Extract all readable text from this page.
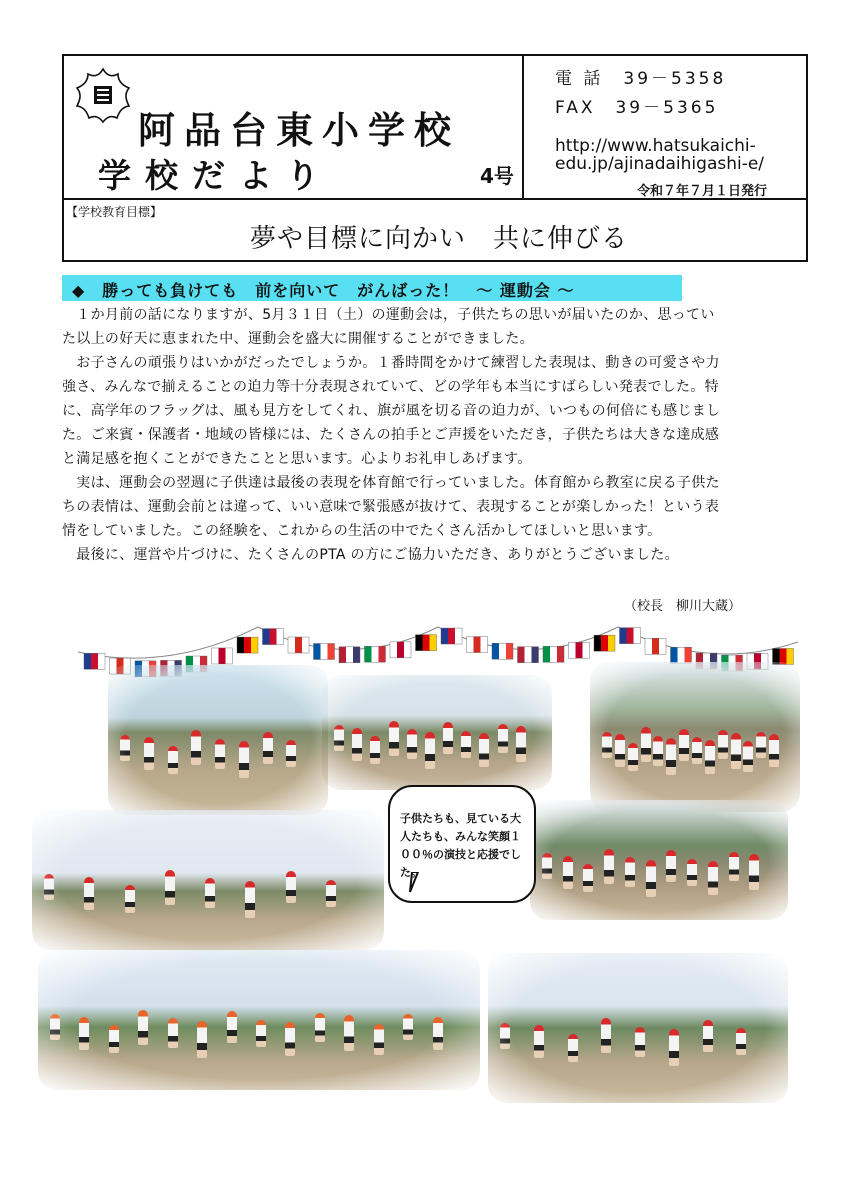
阿品台東小学校
学校だより	4号
電 話　39－5358
FAX　39－5365
http://www.hatsukaichi-edu.jp/ajinadaihigashi-e/
令和７年７月１日発行
【学校教育目標】
夢や目標に向かい　共に伸びる
◆　勝っても負けても　前を向いて　がんばった！　～ 運動会 ～
　１か月前の話になりますが、5月３１日（土）の運動会は，子供たちの思いが届いたのか、思ってい
た以上の好天に恵まれた中、運動会を盛大に開催することができました。
　お子さんの頑張りはいかがだったでしょうか。１番時間をかけて練習した表現は、動きの可愛さや力
強さ、みんなで揃えることの迫力等十分表現されていて、どの学年も本当にすばらしい発表でした。特
に、高学年のフラッグは、風も見方をしてくれ、旗が風を切る音の迫力が、いつもの何倍にも感じまし
た。ご来賓・保護者・地域の皆様には、たくさんの拍手とご声援をいただき，子供たちは大きな達成感
と満足感を抱くことができたことと思います。心よりお礼申しあげます。
　実は、運動会の翌週に子供達は最後の表現を体育館で行っていました。体育館から教室に戻る子供た
ちの表情は、運動会前とは違って、いい意味で緊張感が抜けて、表現することが楽しかった！という表
情をしていました。この経験を、これからの生活の中でたくさん活かしてほしいと思います。
　最後に、運営や片づけに、たくさんのPTA の方にご協力いただき、ありがとうございました。
（校長　柳川大蔵）
子供たちも、見ている大人たちも、みんな笑顔１００％の演技と応援でした。
